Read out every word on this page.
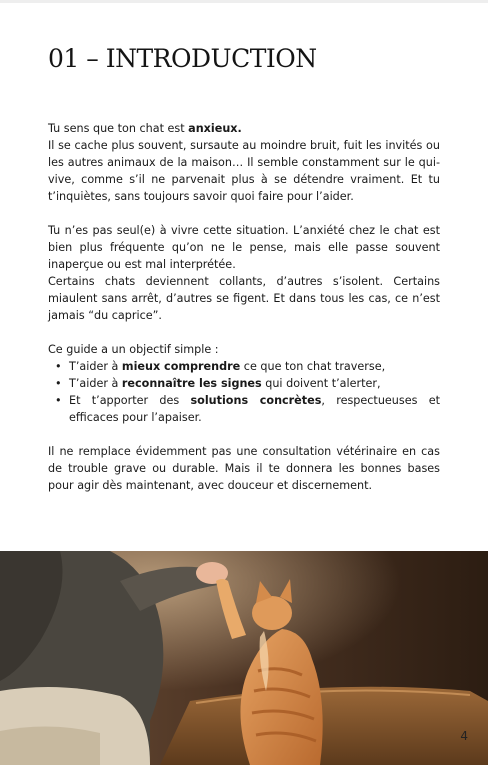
01 – INTRODUCTION

Tu sens que ton chat est anxieux.

Il se cache plus souvent, sursaute au moindre bruit, fuit les invités ou les autres animaux de la maison… Il semble constamment sur le qui-vive, comme s’il ne parvenait plus à se détendre vraiment. Et tu t’inquiètes, sans toujours savoir quoi faire pour l’aider.

Tu n’es pas seul(e) à vivre cette situation. L’anxiété chez le chat est bien plus fréquente qu’on ne le pense, mais elle passe souvent inaperçue ou est mal interprétée.

Certains chats deviennent collants, d’autres s’isolent. Certains miaulent sans arrêt, d’autres se figent. Et dans tous les cas, ce n’est jamais “du caprice”.

Ce guide a un objectif simple :

• T’aider à mieux comprendre ce que ton chat traverse,
• T’aider à reconnaître les signes qui doivent t’alerter,
• Et t’apporter des solutions concrètes, respectueuses et efficaces pour l’apaiser.

Il ne remplace évidemment pas une consultation vétérinaire en cas de trouble grave ou durable. Mais il te donnera les bonnes bases pour agir dès maintenant, avec douceur et discernement.

4
